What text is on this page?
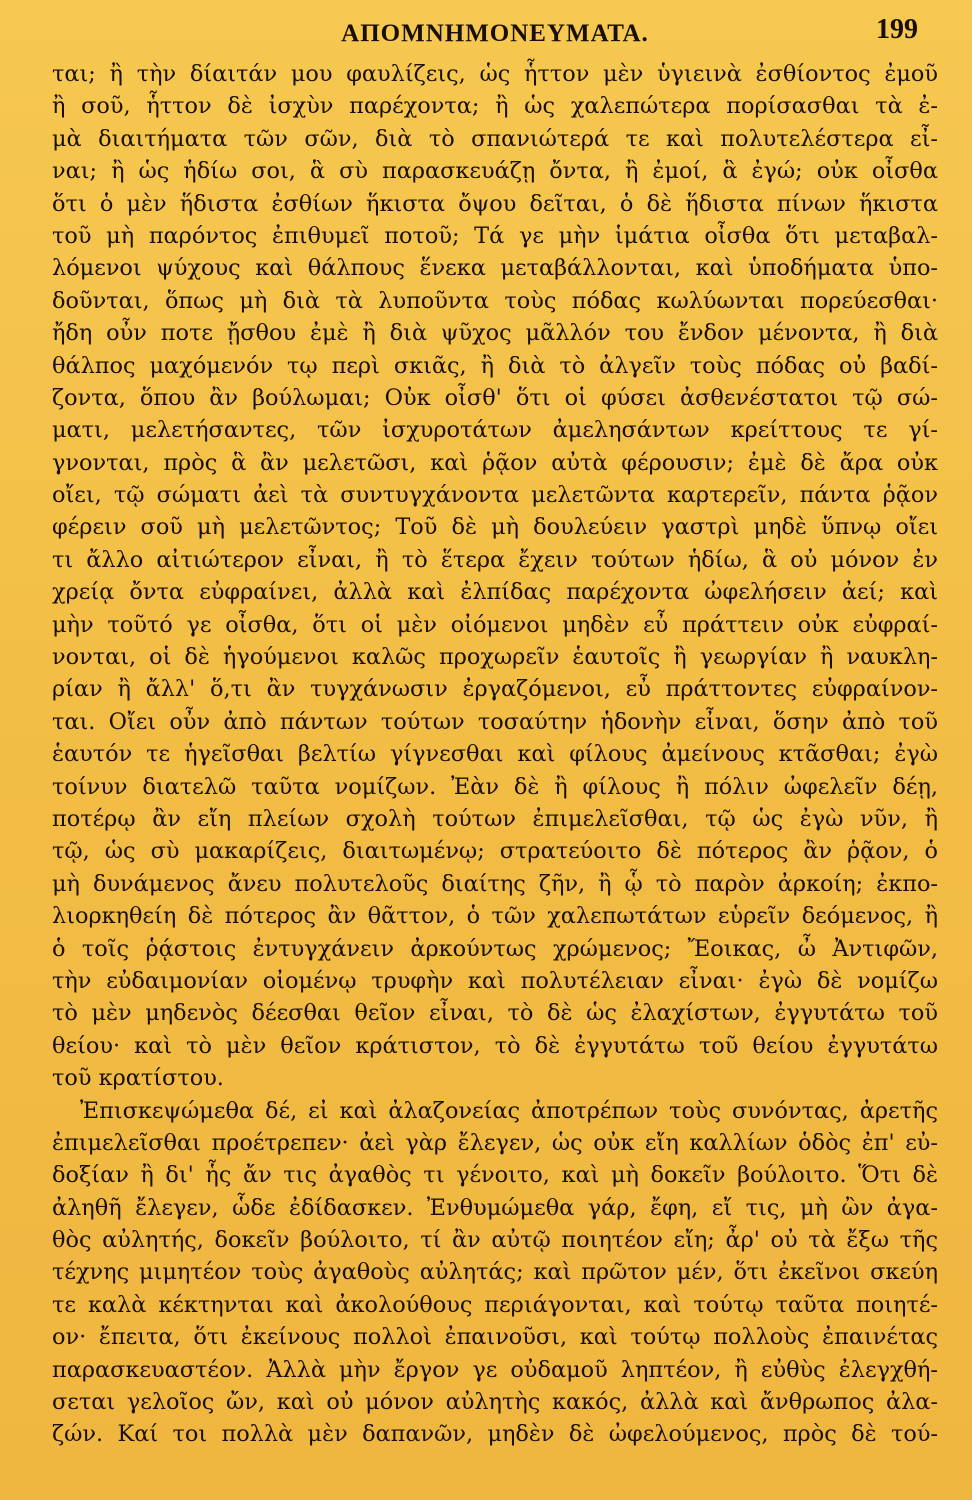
ΑΠΟΜΝΗΜΟΝΕΥΜΑΤΑ.	199
ται; ἢ τὴν δίαιτάν μου φαυλίζεις, ὡς ἧττον μὲν ὑγιεινὰ ἐσθίοντος ἐμοῦ
ἢ σοῦ, ἧττον δὲ ἰσχὺν παρέχοντα; ἢ ὡς χαλεπώτερα πορίσασθαι τὰ ἐ-
μὰ διαιτήματα τῶν σῶν, διὰ τὸ σπανιώτερά τε καὶ πολυτελέστερα εἶ-
ναι; ἢ ὡς ἡδίω σοι, ἃ σὺ παρασκευάζῃ ὄντα, ἢ ἐμοί, ἃ ἐγώ; οὐκ οἶσθα
ὅτι ὁ μὲν ἥδιστα ἐσθίων ἥκιστα ὄψου δεῖται, ὁ δὲ ἥδιστα πίνων ἥκιστα
τοῦ μὴ παρόντος ἐπιθυμεῖ ποτοῦ; Τά γε μὴν ἱμάτια οἶσθα ὅτι μεταβαλ-
λόμενοι ψύχους καὶ θάλπους ἕνεκα μεταβάλλονται, καὶ ὑποδήματα ὑπο-
δοῦνται, ὅπως μὴ διὰ τὰ λυποῦντα τοὺς πόδας κωλύωνται πορεύεσθαι·
ἤδη οὖν ποτε ᾔσθου ἐμὲ ἢ διὰ ψῦχος μᾶλλόν του ἔνδον μένοντα, ἢ διὰ
θάλπος μαχόμενόν τῳ περὶ σκιᾶς, ἢ διὰ τὸ ἀλγεῖν τοὺς πόδας οὐ βαδί-
ζοντα, ὅπου ἂν βούλωμαι; Οὐκ οἶσθ' ὅτι οἱ φύσει ἀσθενέστατοι τῷ σώ-
ματι, μελετήσαντες, τῶν ἰσχυροτάτων ἀμελησάντων κρείττους τε γί-
γνονται, πρὸς ἃ ἂν μελετῶσι, καὶ ῥᾷον αὐτὰ φέρουσιν; ἐμὲ δὲ ἄρα οὐκ
οἴει, τῷ σώματι ἀεὶ τὰ συντυγχάνοντα μελετῶντα καρτερεῖν, πάντα ῥᾷον
φέρειν σοῦ μὴ μελετῶντος; Τοῦ δὲ μὴ δουλεύειν γαστρὶ μηδὲ ὕπνῳ οἴει
τι ἄλλο αἰτιώτερον εἶναι, ἢ τὸ ἕτερα ἔχειν τούτων ἡδίω, ἃ οὐ μόνον ἐν
χρείᾳ ὄντα εὐφραίνει, ἀλλὰ καὶ ἐλπίδας παρέχοντα ὠφελήσειν ἀεί; καὶ
μὴν τοῦτό γε οἶσθα, ὅτι οἱ μὲν οἰόμενοι μηδὲν εὖ πράττειν οὐκ εὐφραί-
νονται, οἱ δὲ ἡγούμενοι καλῶς προχωρεῖν ἑαυτοῖς ἢ γεωργίαν ἢ ναυκλη-
ρίαν ἢ ἄλλ' ὅ,τι ἂν τυγχάνωσιν ἐργαζόμενοι, εὖ πράττοντες εὐφραίνον-
ται. Οἴει οὖν ἀπὸ πάντων τούτων τοσαύτην ἡδονὴν εἶναι, ὅσην ἀπὸ τοῦ
ἑαυτόν τε ἡγεῖσθαι βελτίω γίγνεσθαι καὶ φίλους ἀμείνους κτᾶσθαι; ἐγὼ
τοίνυν διατελῶ ταῦτα νομίζων. Ἐὰν δὲ ἢ φίλους ἢ πόλιν ὠφελεῖν δέῃ,
ποτέρῳ ἂν εἴη πλείων σχολὴ τούτων ἐπιμελεῖσθαι, τῷ ὡς ἐγὼ νῦν, ἢ
τῷ, ὡς σὺ μακαρίζεις, διαιτωμένῳ; στρατεύοιτο δὲ πότερος ἂν ῥᾷον, ὁ
μὴ δυνάμενος ἄνευ πολυτελοῦς διαίτης ζῆν, ἢ ᾧ τὸ παρὸν ἀρκοίη; ἐκπο-
λιορκηθείη δὲ πότερος ἂν θᾶττον, ὁ τῶν χαλεπωτάτων εὑρεῖν δεόμενος, ἢ
ὁ τοῖς ῥᾴστοις ἐντυγχάνειν ἀρκούντως χρώμενος; Ἔοικας, ὦ Ἀντιφῶν,
τὴν εὐδαιμονίαν οἰομένῳ τρυφὴν καὶ πολυτέλειαν εἶναι· ἐγὼ δὲ νομίζω
τὸ μὲν μηδενὸς δέεσθαι θεῖον εἶναι, τὸ δὲ ὡς ἐλαχίστων, ἐγγυτάτω τοῦ
θείου· καὶ τὸ μὲν θεῖον κράτιστον, τὸ δὲ ἐγγυτάτω τοῦ θείου ἐγγυτάτω
τοῦ κρατίστου.
Ἐπισκεψώμεθα δέ, εἰ καὶ ἀλαζονείας ἀποτρέπων τοὺς συνόντας, ἀρετῆς
ἐπιμελεῖσθαι προέτρεπεν· ἀεὶ γὰρ ἔλεγεν, ὡς οὐκ εἴη καλλίων ὁδὸς ἐπ' εὐ-
δοξίαν ἢ δι' ἧς ἄν τις ἀγαθὸς τι γένοιτο, καὶ μὴ δοκεῖν βούλοιτο. Ὅτι δὲ
ἀληθῆ ἔλεγεν, ὧδε ἐδίδασκεν. Ἐνθυμώμεθα γάρ, ἔφη, εἴ τις, μὴ ὢν ἀγα-
θὸς αὐλητής, δοκεῖν βούλοιτο, τί ἂν αὐτῷ ποιητέον εἴη; ἆρ' οὐ τὰ ἔξω τῆς
τέχνης μιμητέον τοὺς ἀγαθοὺς αὐλητάς; καὶ πρῶτον μέν, ὅτι ἐκεῖνοι σκεύη
τε καλὰ κέκτηνται καὶ ἀκολούθους περιάγονται, καὶ τούτῳ ταῦτα ποιητέ-
ον· ἔπειτα, ὅτι ἐκείνους πολλοὶ ἐπαινοῦσι, καὶ τούτῳ πολλοὺς ἐπαινέτας
παρασκευαστέον. Ἀλλὰ μὴν ἔργον γε οὐδαμοῦ ληπτέον, ἢ εὐθὺς ἐλεγχθή-
σεται γελοῖος ὤν, καὶ οὐ μόνον αὐλητὴς κακός, ἀλλὰ καὶ ἄνθρωπος ἀλα-
ζών. Καί τοι πολλὰ μὲν δαπανῶν, μηδὲν δὲ ὠφελούμενος, πρὸς δὲ τού-
